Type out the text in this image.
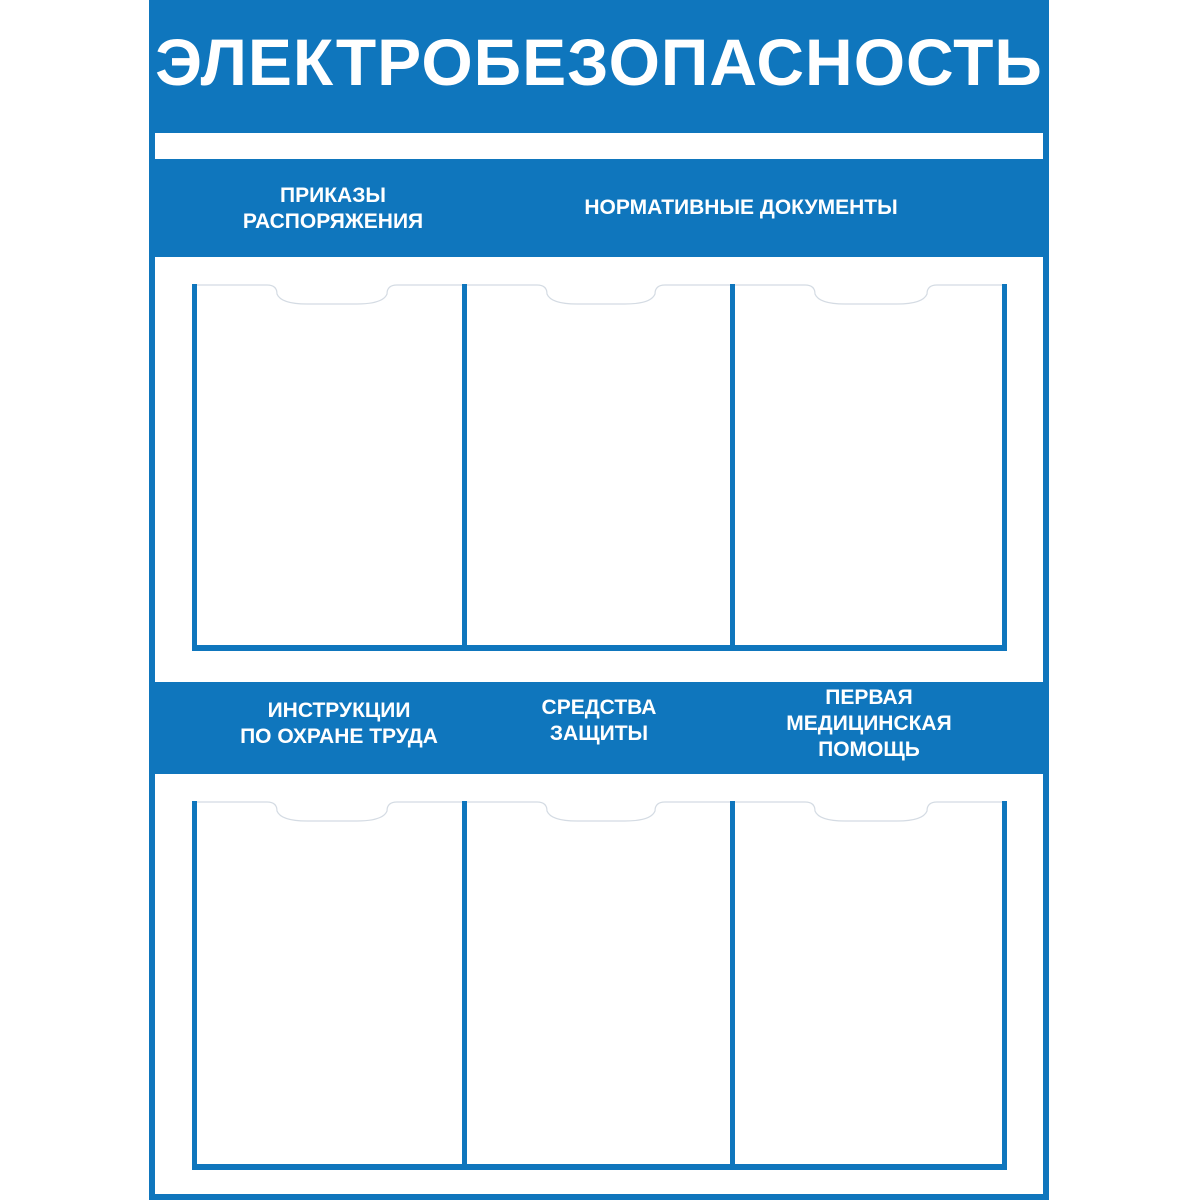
ЭЛЕКТРОБЕЗОПАСНОСТЬ
ПРИКАЗЫ
РАСПОРЯЖЕНИЯ
НОРМАТИВНЫЕ ДОКУМЕНТЫ
ИНСТРУКЦИИ
ПО ОХРАНЕ ТРУДА
СРЕДСТВА
ЗАЩИТЫ
ПЕРВАЯ
МЕДИЦИНСКАЯ
ПОМОЩЬ
